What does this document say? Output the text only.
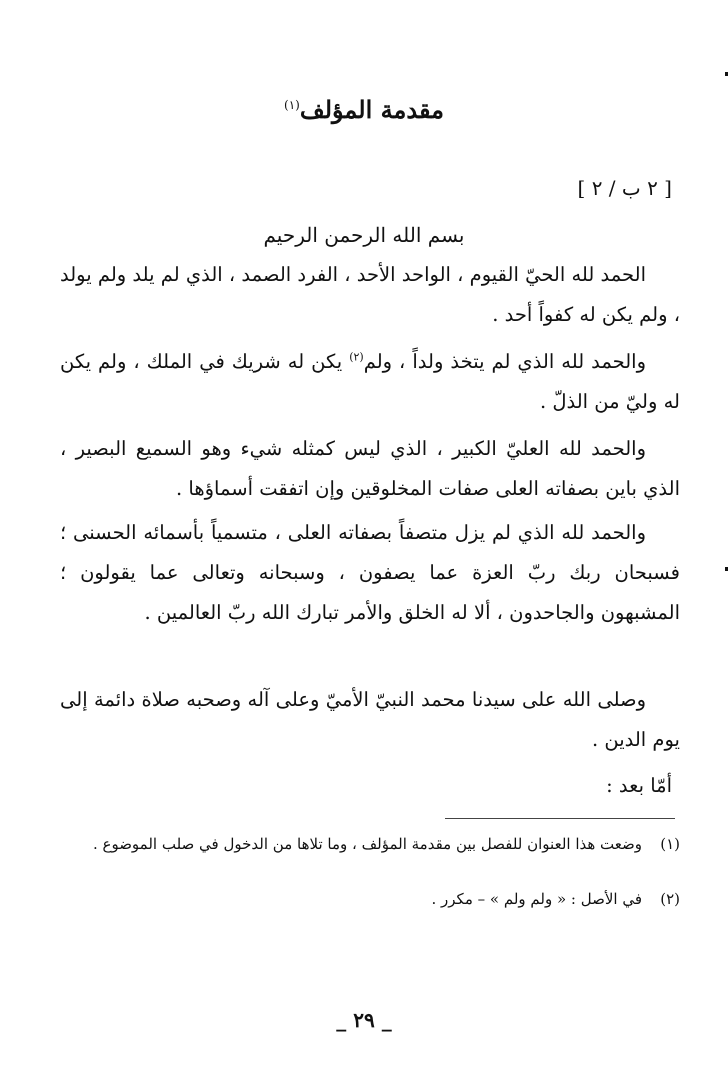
مقدمة المؤلف$^{(١)}$
[ ٢ ب / ٢ ]
بسم الله الرحمن الرحيم
الحمد لله الحيّ القيوم ، الواحد الأحد ، الفرد الصمد ، الذي لم يلد ولم يولد ، ولم يكن له كفواً أحد .
والحمد لله الذي لم يتخذ ولداً ، ولم$^{(٢)}$ يكن له شريك في الملك ، ولم يكن له وليّ من الذلّ .
والحمد لله العليّ الكبير ، الذي ليس كمثله شيء وهو السميع البصير ، الذي باين بصفاته العلى صفات المخلوقين وإن اتفقت أسماؤها .
والحمد لله الذي لم يزل متصفاً بصفاته العلى ، متسمياً بأسمائه الحسنى ؛ فسبحان ربك ربّ العزة عما يصفون ، وسبحانه وتعالى عما يقولون ؛ المشبهون والجاحدون ، ألا له الخلق والأمر تبارك الله ربّ العالمين .
وصلى الله على سيدنا محمد النبيّ الأميّ وعلى آله وصحبه صلاة دائمة إلى يوم الدين .
أمّا بعد :
(١)وضعت هذا العنوان للفصل بين مقدمة المؤلف ، وما تلاها من الدخول في صلب الموضوع .
(٢)في الأصل : « ولم ولم » – مكرر .
_ ٢٩ _
